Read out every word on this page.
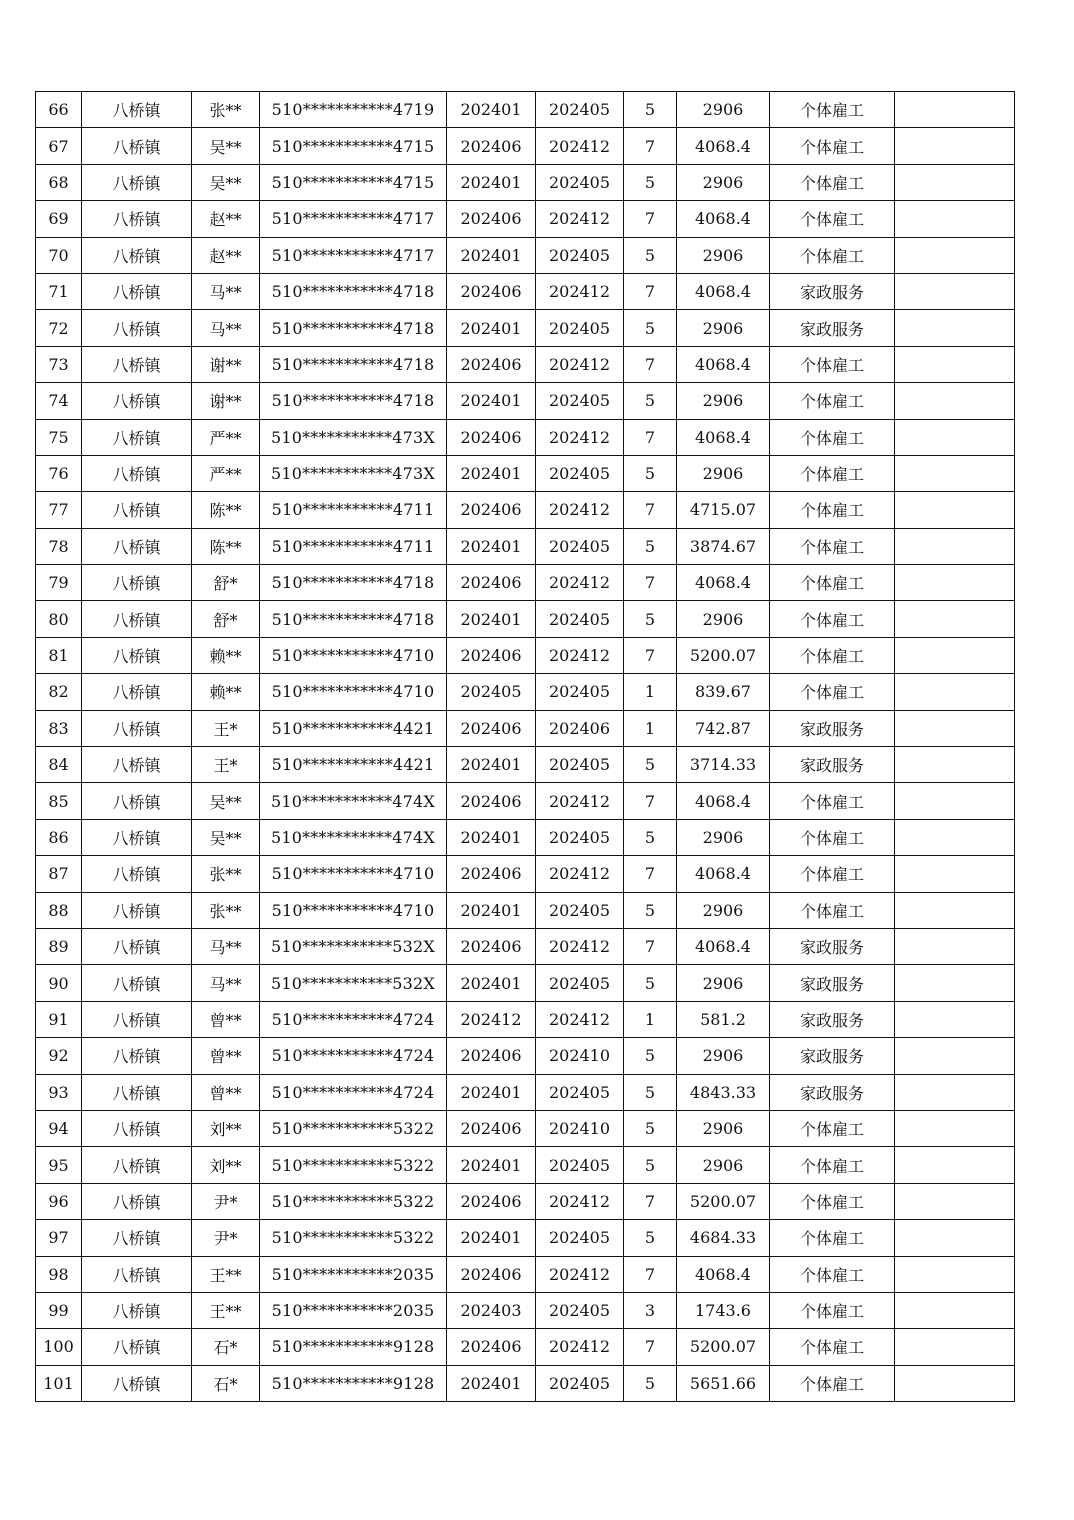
66	八桥镇	张**	510***********4719	202401	202405	5	2906	个体雇工	
67	八桥镇	吴**	510***********4715	202406	202412	7	4068.4	个体雇工	
68	八桥镇	吴**	510***********4715	202401	202405	5	2906	个体雇工	
69	八桥镇	赵**	510***********4717	202406	202412	7	4068.4	个体雇工	
70	八桥镇	赵**	510***********4717	202401	202405	5	2906	个体雇工	
71	八桥镇	马**	510***********4718	202406	202412	7	4068.4	家政服务	
72	八桥镇	马**	510***********4718	202401	202405	5	2906	家政服务	
73	八桥镇	谢**	510***********4718	202406	202412	7	4068.4	个体雇工	
74	八桥镇	谢**	510***********4718	202401	202405	5	2906	个体雇工	
75	八桥镇	严**	510***********473X	202406	202412	7	4068.4	个体雇工	
76	八桥镇	严**	510***********473X	202401	202405	5	2906	个体雇工	
77	八桥镇	陈**	510***********4711	202406	202412	7	4715.07	个体雇工	
78	八桥镇	陈**	510***********4711	202401	202405	5	3874.67	个体雇工	
79	八桥镇	舒*	510***********4718	202406	202412	7	4068.4	个体雇工	
80	八桥镇	舒*	510***********4718	202401	202405	5	2906	个体雇工	
81	八桥镇	赖**	510***********4710	202406	202412	7	5200.07	个体雇工	
82	八桥镇	赖**	510***********4710	202405	202405	1	839.67	个体雇工	
83	八桥镇	王*	510***********4421	202406	202406	1	742.87	家政服务	
84	八桥镇	王*	510***********4421	202401	202405	5	3714.33	家政服务	
85	八桥镇	吴**	510***********474X	202406	202412	7	4068.4	个体雇工	
86	八桥镇	吴**	510***********474X	202401	202405	5	2906	个体雇工	
87	八桥镇	张**	510***********4710	202406	202412	7	4068.4	个体雇工	
88	八桥镇	张**	510***********4710	202401	202405	5	2906	个体雇工	
89	八桥镇	马**	510***********532X	202406	202412	7	4068.4	家政服务	
90	八桥镇	马**	510***********532X	202401	202405	5	2906	家政服务	
91	八桥镇	曾**	510***********4724	202412	202412	1	581.2	家政服务	
92	八桥镇	曾**	510***********4724	202406	202410	5	2906	家政服务	
93	八桥镇	曾**	510***********4724	202401	202405	5	4843.33	家政服务	
94	八桥镇	刘**	510***********5322	202406	202410	5	2906	个体雇工	
95	八桥镇	刘**	510***********5322	202401	202405	5	2906	个体雇工	
96	八桥镇	尹*	510***********5322	202406	202412	7	5200.07	个体雇工	
97	八桥镇	尹*	510***********5322	202401	202405	5	4684.33	个体雇工	
98	八桥镇	王**	510***********2035	202406	202412	7	4068.4	个体雇工	
99	八桥镇	王**	510***********2035	202403	202405	3	1743.6	个体雇工	
100	八桥镇	石*	510***********9128	202406	202412	7	5200.07	个体雇工	
101	八桥镇	石*	510***********9128	202401	202405	5	5651.66	个体雇工	
